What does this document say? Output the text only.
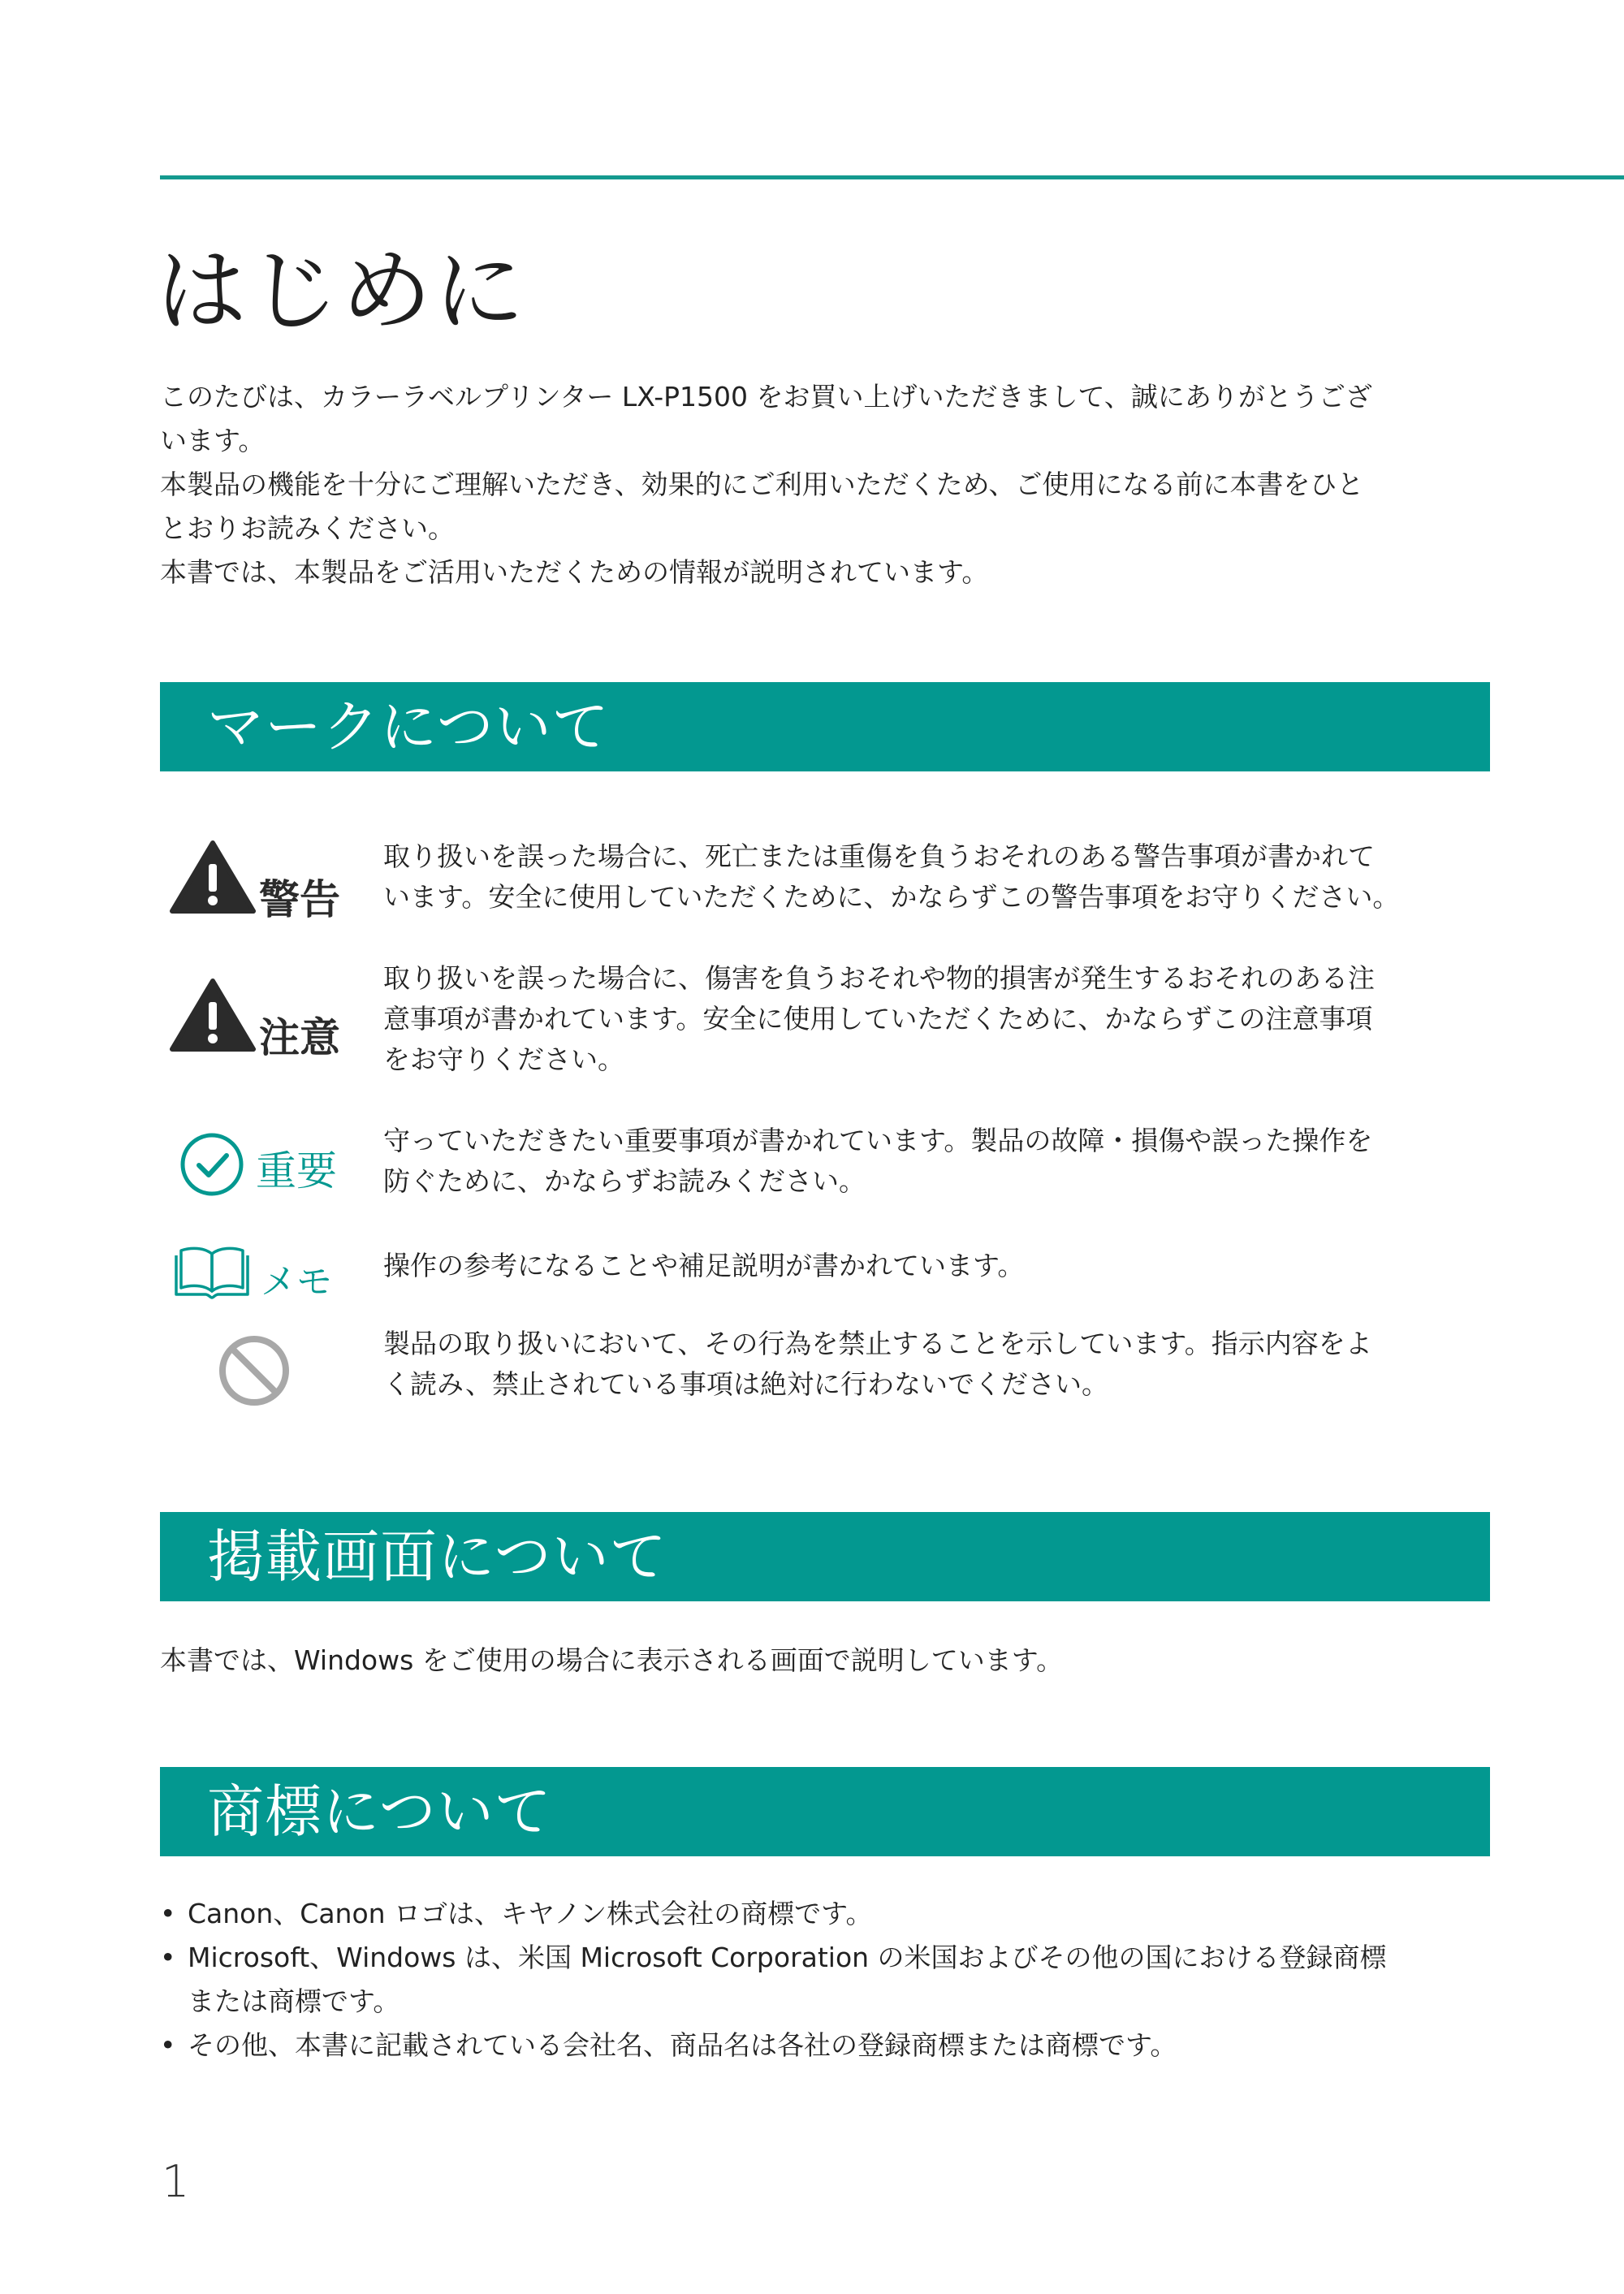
はじめに

このたびは、カラーラベルプリンター LX-P1500 をお買い上げいただきまして、誠にありがとうござ

います。

本製品の機能を十分にご理解いただき、効果的にご利用いただくため、ご使用になる前に本書をひと

とおりお読みください。

本書では、本製品をご活用いただくための情報が説明されています。

マークについて
警告

取り扱いを誤った場合に、死亡または重傷を負うおそれのある警告事項が書かれて

います。安全に使用していただくために、かならずこの警告事項をお守りください。

注意

取り扱いを誤った場合に、傷害を負うおそれや物的損害が発生するおそれのある注

意事項が書かれています。安全に使用していただくために、かならずこの注意事項

をお守りください。

重要

守っていただきたい重要事項が書かれています。製品の故障・損傷や誤った操作を

防ぐために、かならずお読みください。

メモ 操作の参考になることや補足説明が書かれています。

製品の取り扱いにおいて、その行為を禁止することを示しています。指示内容をよ

く読み、禁止されている事項は絶対に行わないでください。

掲載画面について

本書では、Windows をご使用の場合に表示される画面で説明しています。

商標について
• Canon、Canon ロゴは、キヤノン株式会社の商標です。
• Microsoft、Windows は、米国 Microsoft Corporation の米国およびその他の国における登録商標
または商標です。
• その他、本書に記載されている会社名、商品名は各社の登録商標または商標です。

1
